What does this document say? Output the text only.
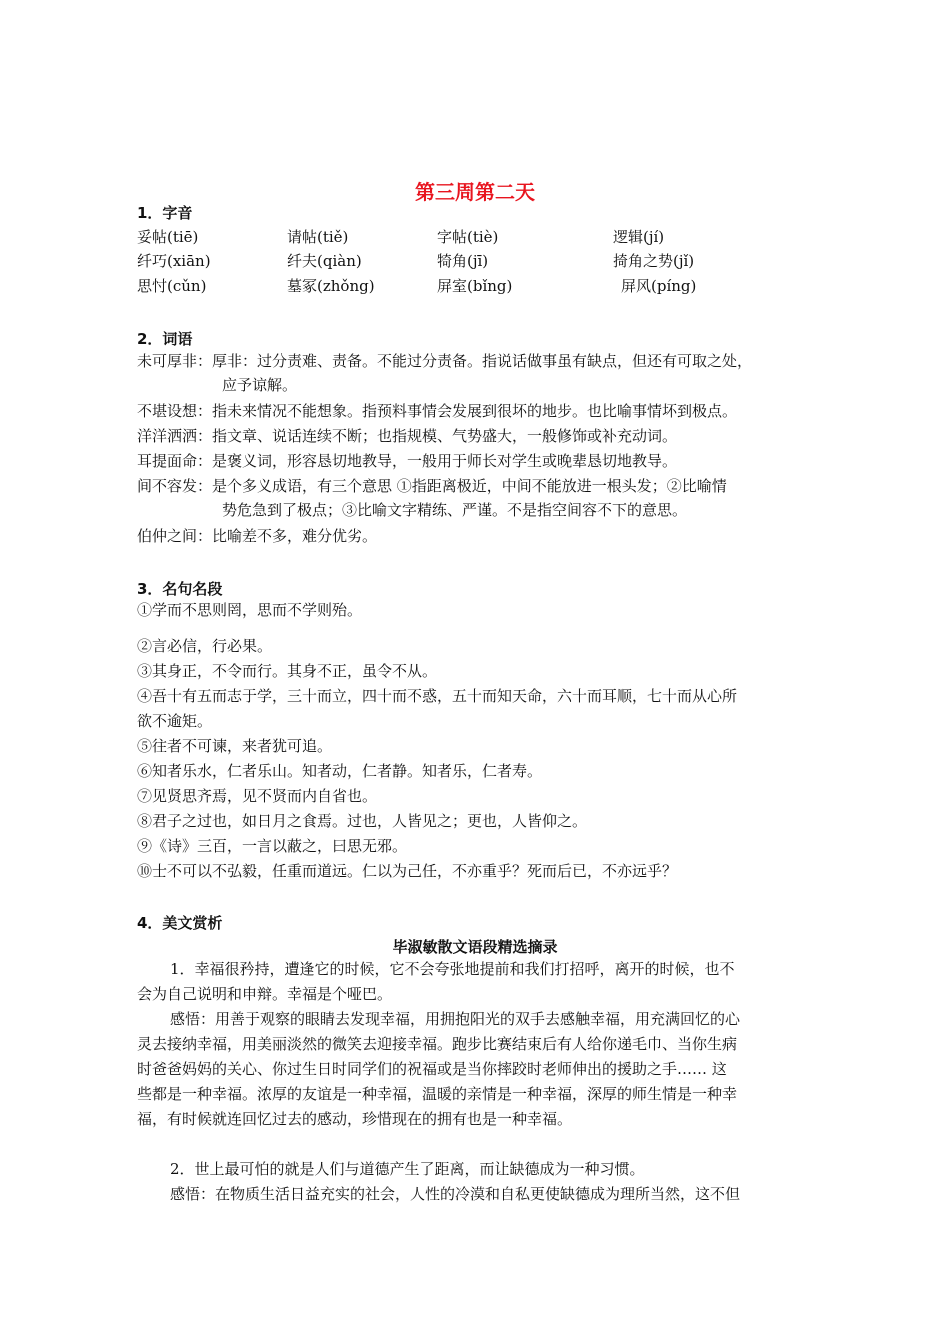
第三周第二天
1．字音
妥帖(tiē)	请帖(tiě)	字帖(tiè)	逻辑(jí)
纤巧(xiān)	纤夫(qiàn)	犄角(jī)	掎角之势(jǐ)
思忖(cǔn)	墓冢(zhǒng)	屏室(bǐng)	屏风(píng)
2．词语
未可厚非：厚非：过分责难、责备。不能过分责备。指说话做事虽有缺点，但还有可取之处，
应予谅解。
不堪设想：指未来情况不能想象。指预料事情会发展到很坏的地步。也比喻事情坏到极点。
洋洋洒洒：指文章、说话连续不断；也指规模、气势盛大，一般修饰或补充动词。
耳提面命：是褒义词，形容恳切地教导，一般用于师长对学生或晚辈恳切地教导。
间不容发：是个多义成语，有三个意思 ①指距离极近，中间不能放进一根头发；②比喻情
势危急到了极点；③比喻文字精练、严谨。不是指空间容不下的意思。
伯仲之间：比喻差不多，难分优劣。
3．名句名段
①学而不思则罔，思而不学则殆。
②言必信，行必果。
③其身正，不令而行。其身不正，虽令不从。
④吾十有五而志于学，三十而立，四十而不惑，五十而知天命，六十而耳顺，七十而从心所
欲不逾矩。
⑤往者不可谏，来者犹可追。
⑥知者乐水，仁者乐山。知者动，仁者静。知者乐，仁者寿。
⑦见贤思齐焉，见不贤而内自省也。
⑧君子之过也，如日月之食焉。过也，人皆见之；更也，人皆仰之。
⑨《诗》三百，一言以蔽之，曰思无邪。
⑩士不可以不弘毅，任重而道远。仁以为己任，不亦重乎？死而后已，不亦远乎？
4．美文赏析
毕淑敏散文语段精选摘录
1．幸福很矜持，遭逢它的时候，它不会夸张地提前和我们打招呼，离开的时候，也不
会为自己说明和申辩。幸福是个哑巴。
感悟：用善于观察的眼睛去发现幸福，用拥抱阳光的双手去感触幸福，用充满回忆的心
灵去接纳幸福，用美丽淡然的微笑去迎接幸福。跑步比赛结束后有人给你递毛巾、当你生病
时爸爸妈妈的关心、你过生日时同学们的祝福或是当你摔跤时老师伸出的援助之手…… 这
些都是一种幸福。浓厚的友谊是一种幸福，温暖的亲情是一种幸福，深厚的师生情是一种幸
福，有时候就连回忆过去的感动，珍惜现在的拥有也是一种幸福。
2．世上最可怕的就是人们与道德产生了距离，而让缺德成为一种习惯。
感悟：在物质生活日益充实的社会，人性的冷漠和自私更使缺德成为理所当然，这不但
